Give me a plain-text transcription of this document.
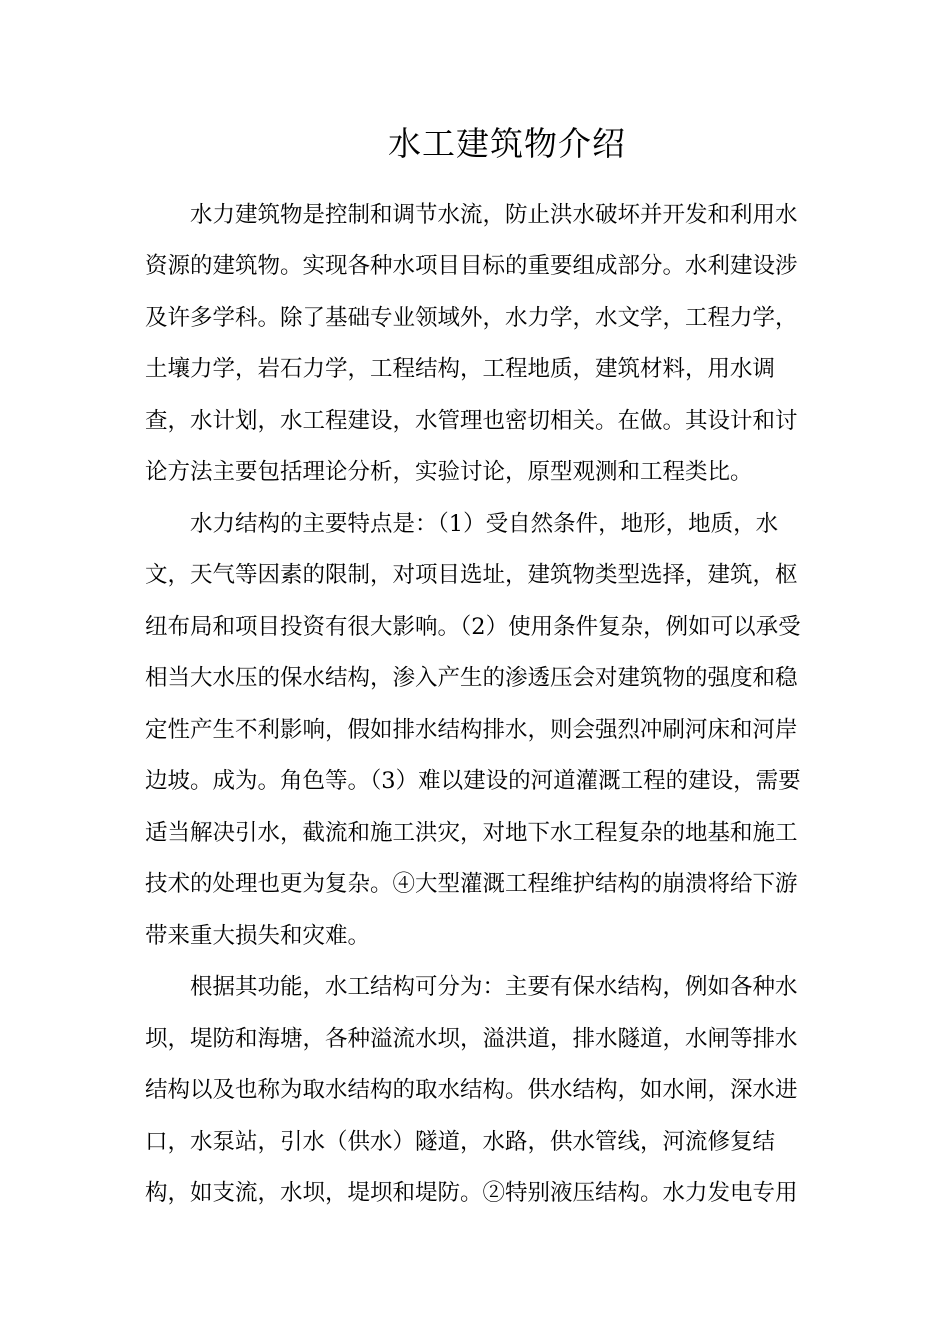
水工建筑物介绍
水力建筑物是控制和调节水流，防止洪水破坏并开发和利用水
资源的建筑物。实现各种水项目目标的重要组成部分。水利建设涉
及许多学科。除了基础专业领域外，水力学，水文学，工程力学，
土壤力学，岩石力学，工程结构，工程地质，建筑材料，用水调
查，水计划，水工程建设，水管理也密切相关。在做。其设计和讨
论方法主要包括理论分析，实验讨论，原型观测和工程类比。
水力结构的主要特点是：（1）受自然条件，地形，地质，水
文，天气等因素的限制，对项目选址，建筑物类型选择，建筑，枢
纽布局和项目投资有很大影响。（2）使用条件复杂，例如可以承受
相当大水压的保水结构，渗入产生的渗透压会对建筑物的强度和稳
定性产生不利影响，假如排水结构排水，则会强烈冲刷河床和河岸
边坡。成为。角色等。（3）难以建设的河道灌溉工程的建设，需要
适当解决引水，截流和施工洪灾，对地下水工程复杂的地基和施工
技术的处理也更为复杂。④大型灌溉工程维护结构的崩溃将给下游
带来重大损失和灾难。
根据其功能，水工结构可分为：主要有保水结构，例如各种水
坝，堤防和海塘，各种溢流水坝，溢洪道，排水隧道，水闸等排水
结构以及也称为取水结构的取水结构。供水结构，如水闸，深水进
口，水泵站，引水（供水）隧道，水路，供水管线，河流修复结
构，如支流，水坝，堤坝和堤防。②特别液压结构。水力发电专用
